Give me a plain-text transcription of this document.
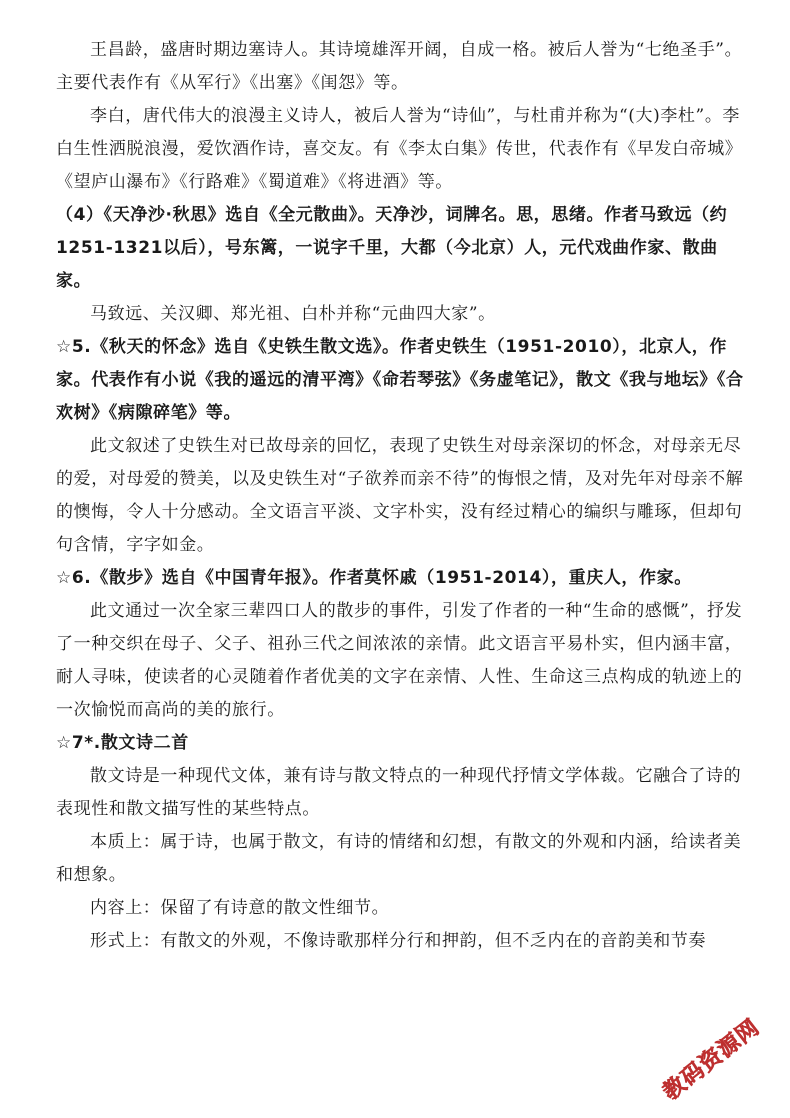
王昌龄，盛唐时期边塞诗人。其诗境雄浑开阔，自成一格。被后人誉为“七绝圣手”。主要代表作有《从军行》《出塞》《闺怨》等。

李白，唐代伟大的浪漫主义诗人，被后人誉为“诗仙”，与杜甫并称为“(大)李杜”。李白生性洒脱浪漫，爱饮酒作诗，喜交友。有《李太白集》传世，代表作有《早发白帝城》《望庐山瀑布》《行路难》《蜀道难》《将进酒》等。

（4）《天净沙·秋思》选自《全元散曲》。天净沙，词牌名。思，思绪。作者马致远（约1251-1321以后），号东篱，一说字千里，大都（今北京）人，元代戏曲作家、散曲家。

马致远、关汉卿、郑光祖、白朴并称“元曲四大家”。

☆5.《秋天的怀念》选自《史铁生散文选》。作者史铁生（1951-2010），北京人，作家。代表作有小说《我的遥远的清平湾》《命若琴弦》《务虚笔记》，散文《我与地坛》《合欢树》《病隙碎笔》等。

此文叙述了史铁生对已故母亲的回忆，表现了史铁生对母亲深切的怀念，对母亲无尽的爱，对母爱的赞美，以及史铁生对“子欲养而亲不待”的悔恨之情，及对先年对母亲不解的懊悔，令人十分感动。全文语言平淡、文字朴实，没有经过精心的编织与雕琢，但却句句含情，字字如金。

☆6.《散步》选自《中国青年报》。作者莫怀戚（1951-2014），重庆人，作家。

此文通过一次全家三辈四口人的散步的事件，引发了作者的一种“生命的感慨”，抒发了一种交织在母子、父子、祖孙三代之间浓浓的亲情。此文语言平易朴实，但内涵丰富，耐人寻味，使读者的心灵随着作者优美的文字在亲情、人性、生命这三点构成的轨迹上的一次愉悦而高尚的美的旅行。

☆7*.散文诗二首

散文诗是一种现代文体，兼有诗与散文特点的一种现代抒情文学体裁。它融合了诗的表现性和散文描写性的某些特点。

本质上：属于诗，也属于散文，有诗的情绪和幻想，有散文的外观和内涵，给读者美和想象。

内容上：保留了有诗意的散文性细节。

形式上：有散文的外观，不像诗歌那样分行和押韵，但不乏内在的音韵美和节奏

教码资源网
